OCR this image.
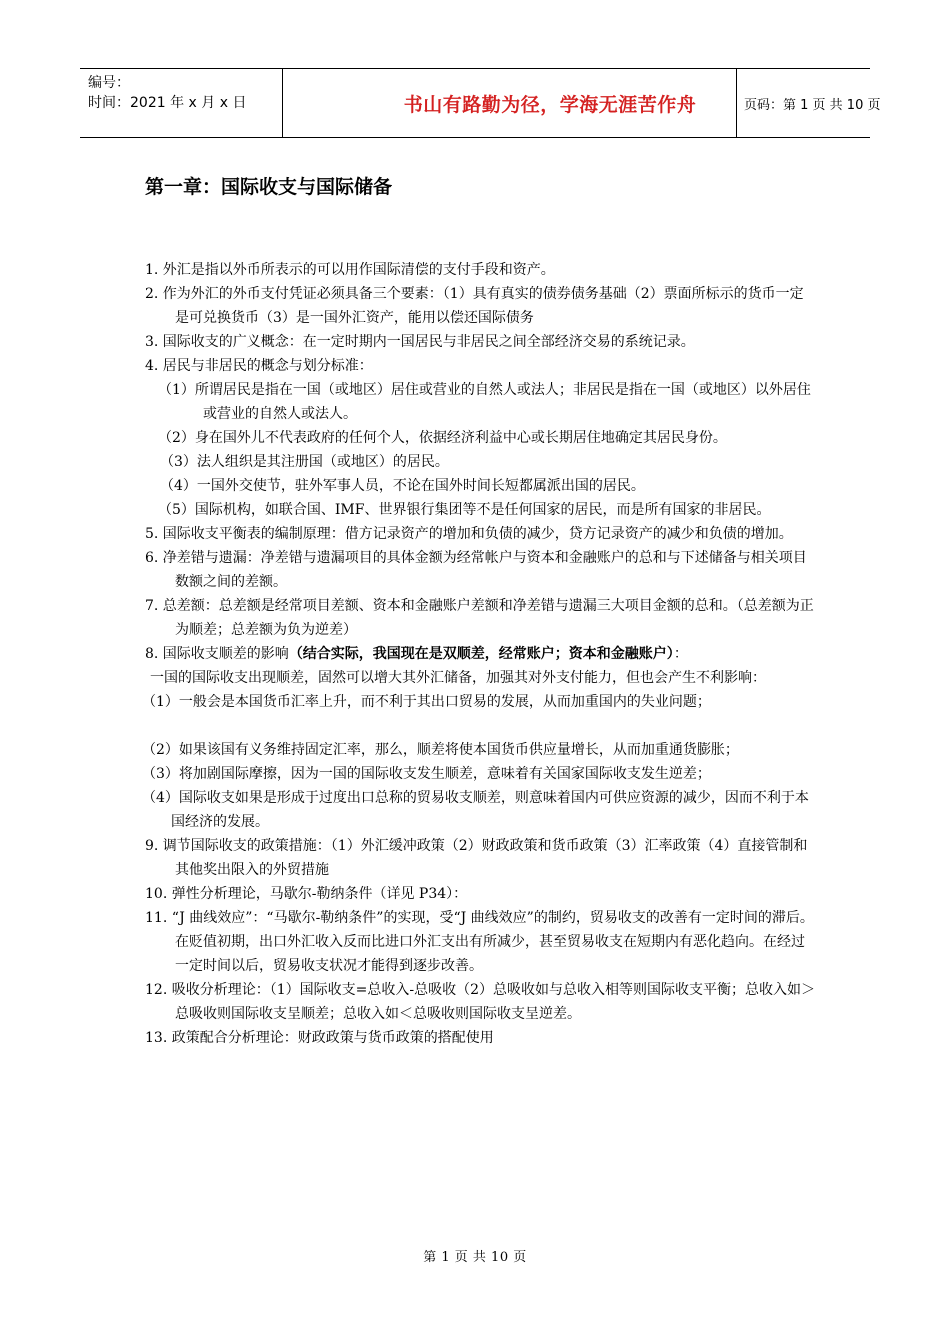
编号：
时间：2021 年 x 月 x 日	书山有路勤为径，学海无涯苦作舟	页码：第 1 页 共 10 页
第一章：国际收支与国际储备

1. 外汇是指以外币所表示的可以用作国际清偿的支付手段和资产。

2. 作为外汇的外币支付凭证必须具备三个要素：（1）具有真实的债券债务基础（2）票面所标示的货币一定是可兑换货币（3）是一国外汇资产，能用以偿还国际债务

3. 国际收支的广义概念：在一定时期内一国居民与非居民之间全部经济交易的系统记录。

4. 居民与非居民的概念与划分标准：

（1）所谓居民是指在一国（或地区）居住或营业的自然人或法人；非居民是指在一国（或地区）以外居住或营业的自然人或法人。

（2）身在国外儿不代表政府的任何个人，依据经济利益中心或长期居住地确定其居民身份。

（3）法人组织是其注册国（或地区）的居民。

（4）一国外交使节，驻外军事人员，不论在国外时间长短都属派出国的居民。

（5）国际机构，如联合国、IMF、世界银行集团等不是任何国家的居民，而是所有国家的非居民。

5. 国际收支平衡表的编制原理：借方记录资产的增加和负债的减少，贷方记录资产的减少和负债的增加。

6. 净差错与遗漏：净差错与遗漏项目的具体金额为经常帐户与资本和金融账户的总和与下述储备与相关项目数额之间的差额。

7. 总差额：总差额是经常项目差额、资本和金融账户差额和净差错与遗漏三大项目金额的总和。（总差额为正为顺差；总差额为负为逆差）

8. 国际收支顺差的影响（结合实际，我国现在是双顺差，经常账户；资本和金融账户）：

一国的国际收支出现顺差，固然可以增大其外汇储备，加强其对外支付能力，但也会产生不利影响：

（1）一般会是本国货币汇率上升，而不利于其出口贸易的发展，从而加重国内的失业问题；

（2）如果该国有义务维持固定汇率，那么，顺差将使本国货币供应量增长，从而加重通货膨胀；

（3）将加剧国际摩擦，因为一国的国际收支发生顺差，意味着有关国家国际收支发生逆差；

（4）国际收支如果是形成于过度出口总称的贸易收支顺差，则意味着国内可供应资源的减少，因而不利于本国经济的发展。

9. 调节国际收支的政策措施：（1）外汇缓冲政策（2）财政政策和货币政策（3）汇率政策（4）直接管制和其他奖出限入的外贸措施

10. 弹性分析理论，马歇尔-勒纳条件（详见 P34）：

11. “J 曲线效应”：“马歇尔-勒纳条件”的实现，受“J 曲线效应”的制约，贸易收支的改善有一定时间的滞后。在贬值初期，出口外汇收入反而比进口外汇支出有所减少，甚至贸易收支在短期内有恶化趋向。在经过一定时间以后，贸易收支状况才能得到逐步改善。

12. 吸收分析理论：（1）国际收支=总收入-总吸收（2）总吸收如与总收入相等则国际收支平衡；总收入如＞总吸收则国际收支呈顺差；总收入如＜总吸收则国际收支呈逆差。

13. 政策配合分析理论：财政政策与货币政策的搭配使用

第 1 页 共 10 页
